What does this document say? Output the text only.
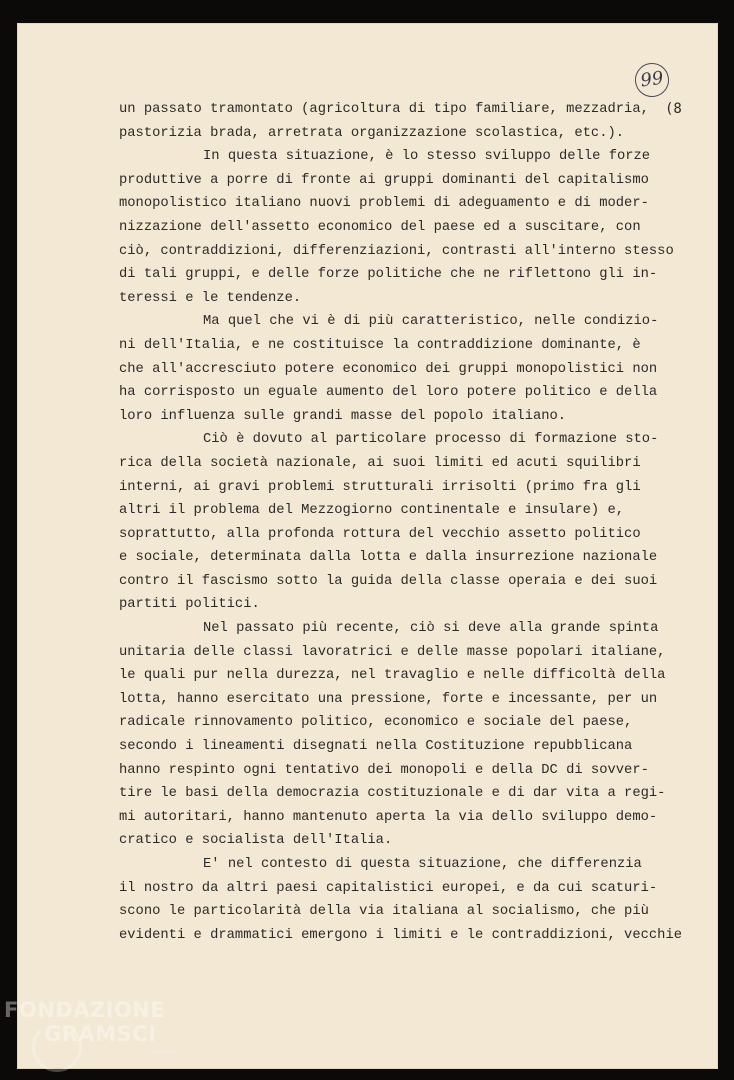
99
(8
un passato tramontato (agricoltura di tipo familiare, mezzadria,
pastorizia brada, arretrata organizzazione scolastica, etc.).
In questa situazione, è lo stesso sviluppo delle forze
produttive a porre di fronte ai gruppi dominanti del capitalismo
monopolistico italiano nuovi problemi di adeguamento e di moder-
nizzazione dell'assetto economico del paese ed a suscitare, con
ciò, contraddizioni, differenziazioni, contrasti all'interno stesso
di tali gruppi, e delle forze politiche che ne riflettono gli in-
teressi e le tendenze.
Ma quel che vi è di più caratteristico, nelle condizio-
ni dell'Italia, e ne costituisce la contraddizione dominante, è
che all'accresciuto potere economico dei gruppi monopolistici non
ha corrisposto un eguale aumento del loro potere politico e della
loro influenza sulle grandi masse del popolo italiano.
Ciò è dovuto al particolare processo di formazione sto-
rica della società nazionale, ai suoi limiti ed acuti squilibri
interni, ai gravi problemi strutturali irrisolti (primo fra gli
altri il problema del Mezzogiorno continentale e insulare) e,
soprattutto, alla profonda rottura del vecchio assetto politico
e sociale, determinata dalla lotta e dalla insurrezione nazionale
contro il fascismo sotto la guida della classe operaia e dei suoi
partiti politici.
Nel passato più recente, ciò si deve alla grande spinta
unitaria delle classi lavoratrici e delle masse popolari italiane,
le quali pur nella durezza, nel travaglio e nelle difficoltà della
lotta, hanno esercitato una pressione, forte e incessante, per un
radicale rinnovamento politico, economico e sociale del paese,
secondo i lineamenti disegnati nella Costituzione repubblicana
hanno respinto ogni tentativo dei monopoli e della DC di sovver-
tire le basi della democrazia costituzionale e di dar vita a regi-
mi autoritari, hanno mantenuto aperta la via dello sviluppo demo-
cratico e socialista dell'Italia.
E' nel contesto di questa situazione, che differenzia
il nostro da altri paesi capitalistici europei, e da cui scaturi-
scono le particolarità della via italiana al socialismo, che più
evidenti e drammatici emergono i limiti e le contraddizioni, vecchie
FONDAZIONE
GRAMSCI
onlus
